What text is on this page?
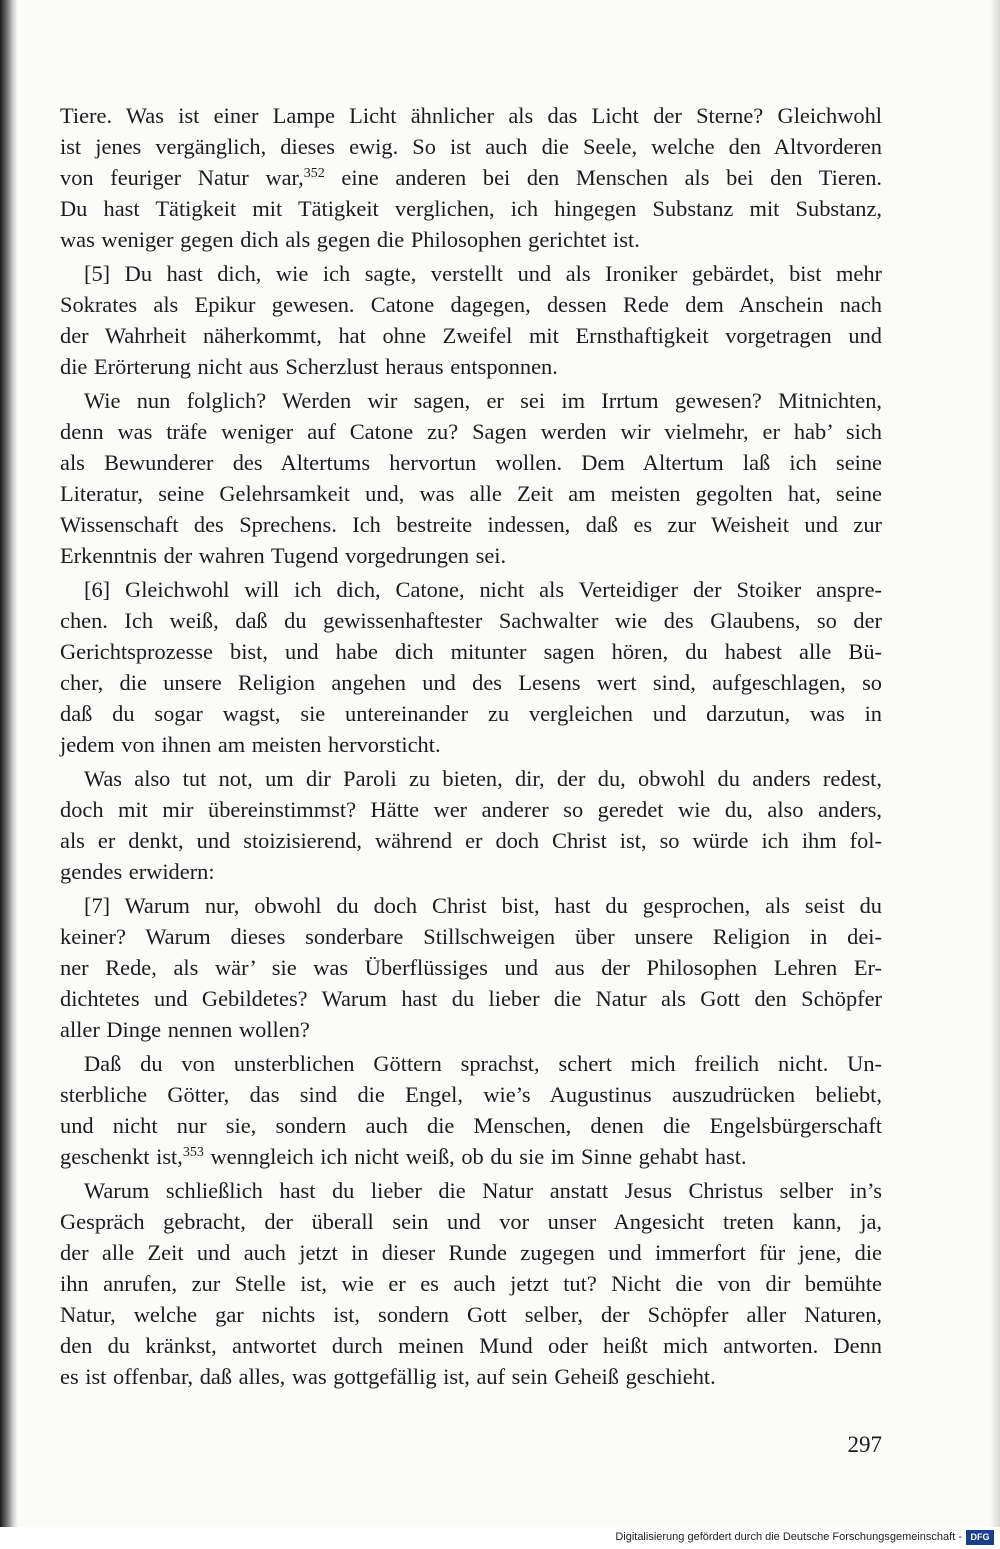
Tiere. Was ist einer Lampe Licht ähnlicher als das Licht der Sterne? Gleichwohl
ist jenes vergänglich, dieses ewig. So ist auch die Seele, welche den Altvorderen
von feuriger Natur war,$^{352}$ eine anderen bei den Menschen als bei den Tieren.
Du hast Tätigkeit mit Tätigkeit verglichen, ich hingegen Substanz mit Substanz,
was weniger gegen dich als gegen die Philosophen gerichtet ist.
[5] Du hast dich, wie ich sagte, verstellt und als Ironiker gebärdet, bist mehr
Sokrates als Epikur gewesen. Catone dagegen, dessen Rede dem Anschein nach
der Wahrheit näherkommt, hat ohne Zweifel mit Ernsthaftigkeit vorgetragen und
die Erörterung nicht aus Scherzlust heraus entsponnen.
Wie nun folglich? Werden wir sagen, er sei im Irrtum gewesen? Mitnichten,
denn was träfe weniger auf Catone zu? Sagen werden wir vielmehr, er hab’ sich
als Bewunderer des Altertums hervortun wollen. Dem Altertum laß ich seine
Literatur, seine Gelehrsamkeit und, was alle Zeit am meisten gegolten hat, seine
Wissenschaft des Sprechens. Ich bestreite indessen, daß es zur Weisheit und zur
Erkenntnis der wahren Tugend vorgedrungen sei.
[6] Gleichwohl will ich dich, Catone, nicht als Verteidiger der Stoiker anspre-
chen. Ich weiß, daß du gewissenhaftester Sachwalter wie des Glaubens, so der
Gerichtsprozesse bist, und habe dich mitunter sagen hören, du habest alle Bü-
cher, die unsere Religion angehen und des Lesens wert sind, aufgeschlagen, so
daß du sogar wagst, sie untereinander zu vergleichen und darzutun, was in
jedem von ihnen am meisten hervorsticht.
Was also tut not, um dir Paroli zu bieten, dir, der du, obwohl du anders redest,
doch mit mir übereinstimmst? Hätte wer anderer so geredet wie du, also anders,
als er denkt, und stoizisierend, während er doch Christ ist, so würde ich ihm fol-
gendes erwidern:
[7] Warum nur, obwohl du doch Christ bist, hast du gesprochen, als seist du
keiner? Warum dieses sonderbare Stillschweigen über unsere Religion in dei-
ner Rede, als wär’ sie was Überflüssiges und aus der Philosophen Lehren Er-
dichtetes und Gebildetes? Warum hast du lieber die Natur als Gott den Schöpfer
aller Dinge nennen wollen?
Daß du von unsterblichen Göttern sprachst, schert mich freilich nicht. Un-
sterbliche Götter, das sind die Engel, wie’s Augustinus auszudrücken beliebt,
und nicht nur sie, sondern auch die Menschen, denen die Engelsbürgerschaft
geschenkt ist,$^{353}$ wenngleich ich nicht weiß, ob du sie im Sinne gehabt hast.
Warum schließlich hast du lieber die Natur anstatt Jesus Christus selber in’s
Gespräch gebracht, der überall sein und vor unser Angesicht treten kann, ja,
der alle Zeit und auch jetzt in dieser Runde zugegen und immerfort für jene, die
ihn anrufen, zur Stelle ist, wie er es auch jetzt tut? Nicht die von dir bemühte
Natur, welche gar nichts ist, sondern Gott selber, der Schöpfer aller Naturen,
den du kränkst, antwortet durch meinen Mund oder heißt mich antworten. Denn
es ist offenbar, daß alles, was gottgefällig ist, auf sein Geheiß geschieht.
297
Digitalisierung gefördert durch die Deutsche Forschungsgemeinschaft - DFG
